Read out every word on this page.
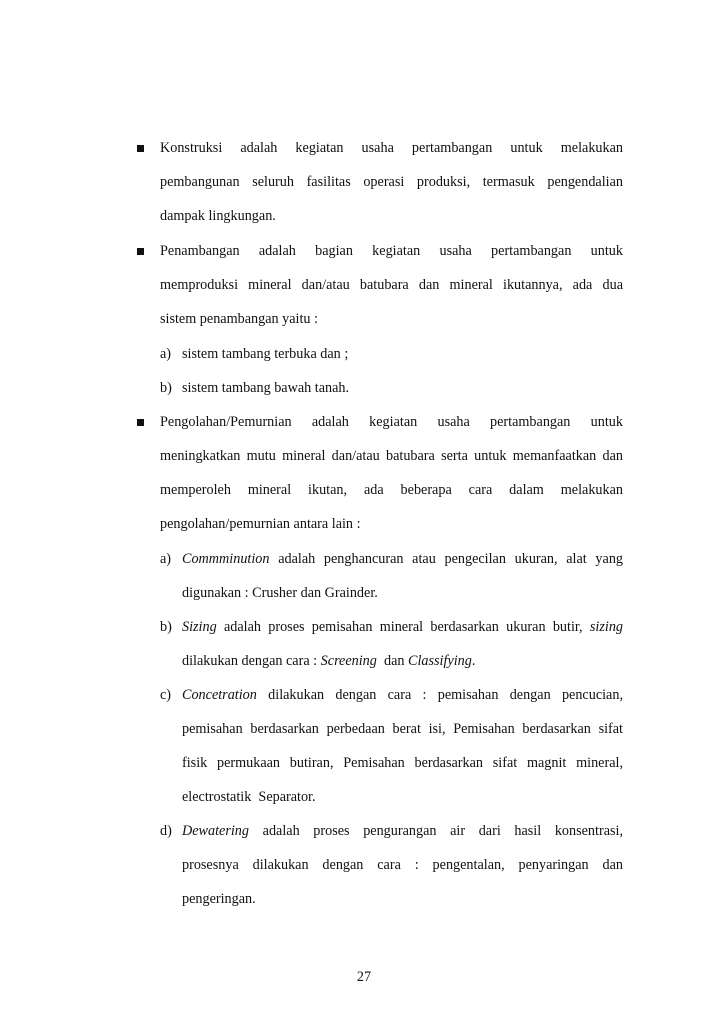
Konstruksi adalah kegiatan usaha pertambangan untuk melakukan
pembangunan seluruh fasilitas operasi produksi, termasuk pengendalian
dampak lingkungan.
Penambangan adalah bagian kegiatan usaha pertambangan untuk
memproduksi mineral dan/atau batubara dan mineral ikutannya, ada dua
sistem penambangan yaitu :
a) sistem tambang terbuka dan ;
b) sistem tambang bawah tanah.
Pengolahan/Pemurnian adalah kegiatan usaha pertambangan untuk
meningkatkan mutu mineral dan/atau batubara serta untuk memanfaatkan dan
memperoleh mineral ikutan, ada beberapa cara dalam melakukan
pengolahan/pemurnian antara lain :
a) Commminution adalah penghancuran atau pengecilan ukuran, alat yang
digunakan : Crusher dan Grainder.
b) Sizing adalah proses pemisahan mineral berdasarkan ukuran butir, sizing
dilakukan dengan cara : Screening dan Classifying.
c) Concetration dilakukan dengan cara : pemisahan dengan pencucian,
pemisahan berdasarkan perbedaan berat isi, Pemisahan berdasarkan sifat
fisik permukaan butiran, Pemisahan berdasarkan sifat magnit mineral,
electrostatik  Separator.
d) Dewatering adalah proses pengurangan air dari hasil konsentrasi,
prosesnya dilakukan dengan cara : pengentalan, penyaringan dan
pengeringan.
27
